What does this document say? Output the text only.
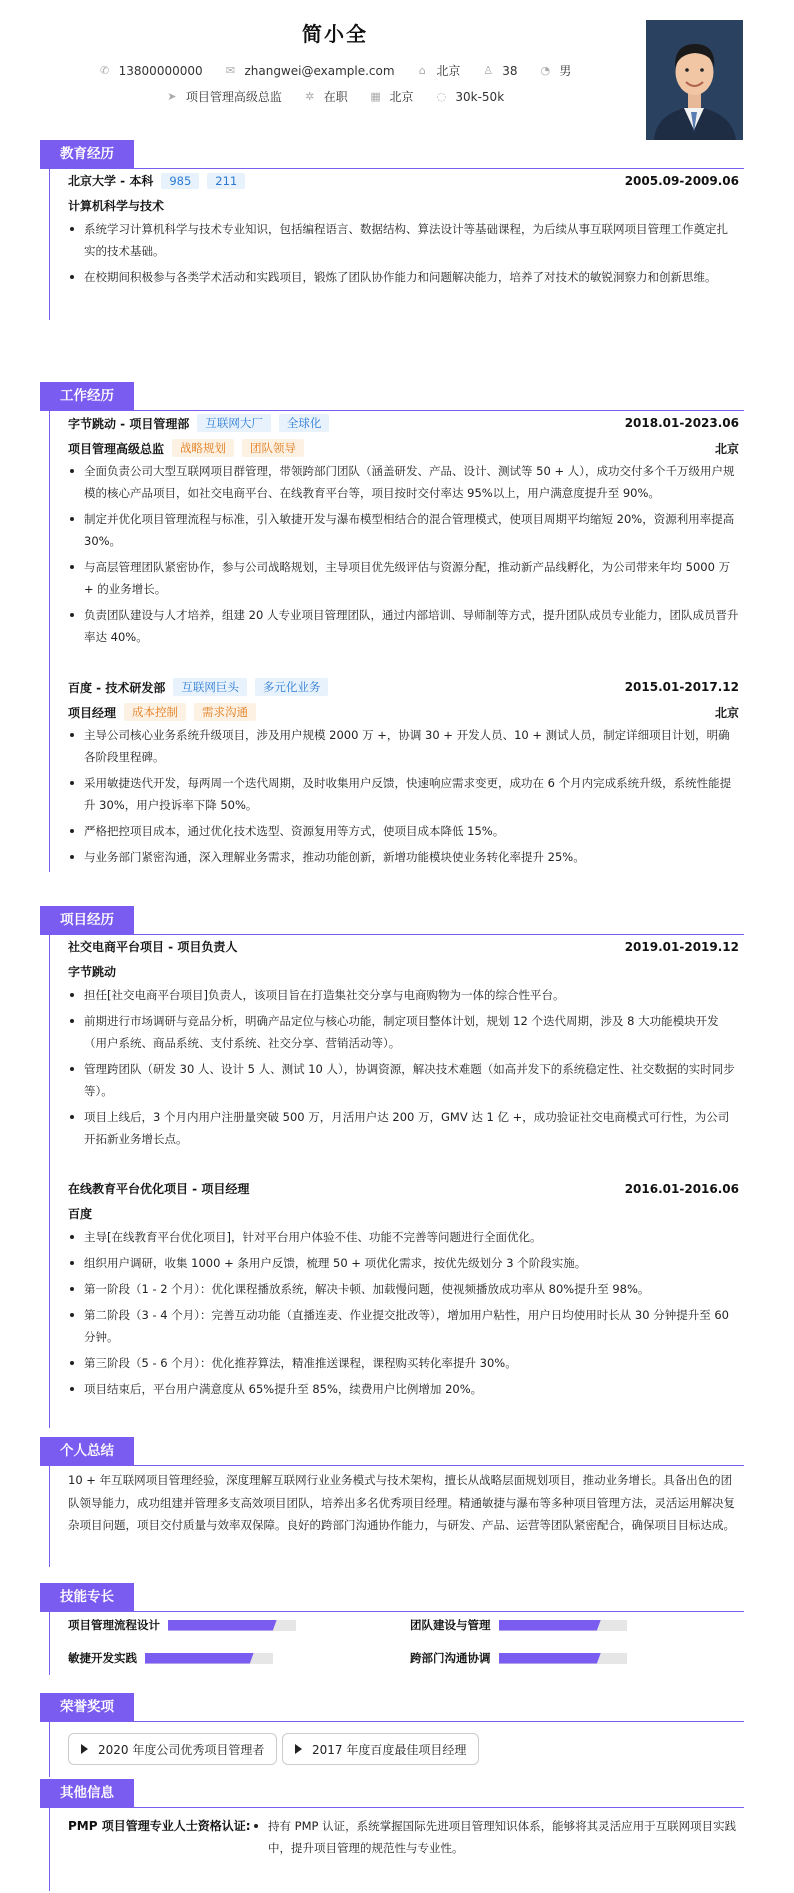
简小全
✆ 13800000000
✉ zhangwei@example.com
⌂ 北京
♙ 38
◔ 男
➤ 项目管理高级总监
✲ 在职
▦ 北京
◌ 30k-50k
教育经历
北京大学 - 本科	985	211	2005.09-2009.06
计算机科学与技术
系统学习计算机科学与技术专业知识，包括编程语言、数据结构、算法设计等基础课程，为后续从事互联网项目管理工作奠定扎实的技术基础。
在校期间积极参与各类学术活动和实践项目，锻炼了团队协作能力和问题解决能力，培养了对技术的敏锐洞察力和创新思维。
工作经历
字节跳动 - 项目管理部	互联网大厂	全球化	2018.01-2023.06
项目管理高级总监	战略规划	团队领导	北京
全面负责公司大型互联网项目群管理，带领跨部门团队（涵盖研发、产品、设计、测试等 50 + 人），成功交付多个千万级用户规模的核心产品项目，如社交电商平台、在线教育平台等，项目按时交付率达 95%以上，用户满意度提升至 90%。
制定并优化项目管理流程与标准，引入敏捷开发与瀑布模型相结合的混合管理模式，使项目周期平均缩短 20%，资源利用率提高 30%。
与高层管理团队紧密协作，参与公司战略规划，主导项目优先级评估与资源分配，推动新产品线孵化，为公司带来年均 5000 万 + 的业务增长。
负责团队建设与人才培养，组建 20 人专业项目管理团队，通过内部培训、导师制等方式，提升团队成员专业能力，团队成员晋升率达 40%。
百度 - 技术研发部	互联网巨头	多元化业务	2015.01-2017.12
项目经理	成本控制	需求沟通	北京
主导公司核心业务系统升级项目，涉及用户规模 2000 万 +，协调 30 + 开发人员、10 + 测试人员，制定详细项目计划，明确各阶段里程碑。
采用敏捷迭代开发，每两周一个迭代周期，及时收集用户反馈，快速响应需求变更，成功在 6 个月内完成系统升级，系统性能提升 30%，用户投诉率下降 50%。
严格把控项目成本，通过优化技术选型、资源复用等方式，使项目成本降低 15%。
与业务部门紧密沟通，深入理解业务需求，推动功能创新，新增功能模块使业务转化率提升 25%。
项目经历
社交电商平台项目 - 项目负责人	2019.01-2019.12
字节跳动
担任[社交电商平台项目]负责人，该项目旨在打造集社交分享与电商购物为一体的综合性平台。
前期进行市场调研与竞品分析，明确产品定位与核心功能，制定项目整体计划，规划 12 个迭代周期，涉及 8 大功能模块开发（用户系统、商品系统、支付系统、社交分享、营销活动等）。
管理跨团队（研发 30 人、设计 5 人、测试 10 人），协调资源，解决技术难题（如高并发下的系统稳定性、社交数据的实时同步等）。
项目上线后，3 个月内用户注册量突破 500 万，月活用户达 200 万，GMV 达 1 亿 +，成功验证社交电商模式可行性，为公司开拓新业务增长点。
在线教育平台优化项目 - 项目经理	2016.01-2016.06
百度
主导[在线教育平台优化项目]，针对平台用户体验不佳、功能不完善等问题进行全面优化。
组织用户调研，收集 1000 + 条用户反馈，梳理 50 + 项优化需求，按优先级划分 3 个阶段实施。
第一阶段（1 - 2 个月）：优化课程播放系统，解决卡顿、加载慢问题，使视频播放成功率从 80%提升至 98%。
第二阶段（3 - 4 个月）：完善互动功能（直播连麦、作业提交批改等），增加用户粘性，用户日均使用时长从 30 分钟提升至 60 分钟。
第三阶段（5 - 6 个月）：优化推荐算法，精准推送课程，课程购买转化率提升 30%。
项目结束后，平台用户满意度从 65%提升至 85%，续费用户比例增加 20%。
个人总结
10 + 年互联网项目管理经验，深度理解互联网行业业务模式与技术架构，擅长从战略层面规划项目，推动业务增长。具备出色的团队领导能力，成功组建并管理多支高效项目团队，培养出多名优秀项目经理。精通敏捷与瀑布等多种项目管理方法，灵活运用解决复杂项目问题，项目交付质量与效率双保障。良好的跨部门沟通协作能力，与研发、产品、运营等团队紧密配合，确保项目目标达成。
技能专长
项目管理流程设计	团队建设与管理
敏捷开发实践	跨部门沟通协调
荣誉奖项
2020 年度公司优秀项目管理者	2017 年度百度最佳项目经理
其他信息
PMP 项目管理专业人士资格认证:	持有 PMP 认证，系统掌握国际先进项目管理知识体系，能够将其灵活应用于互联网项目实践中，提升项目管理的规范性与专业性。
